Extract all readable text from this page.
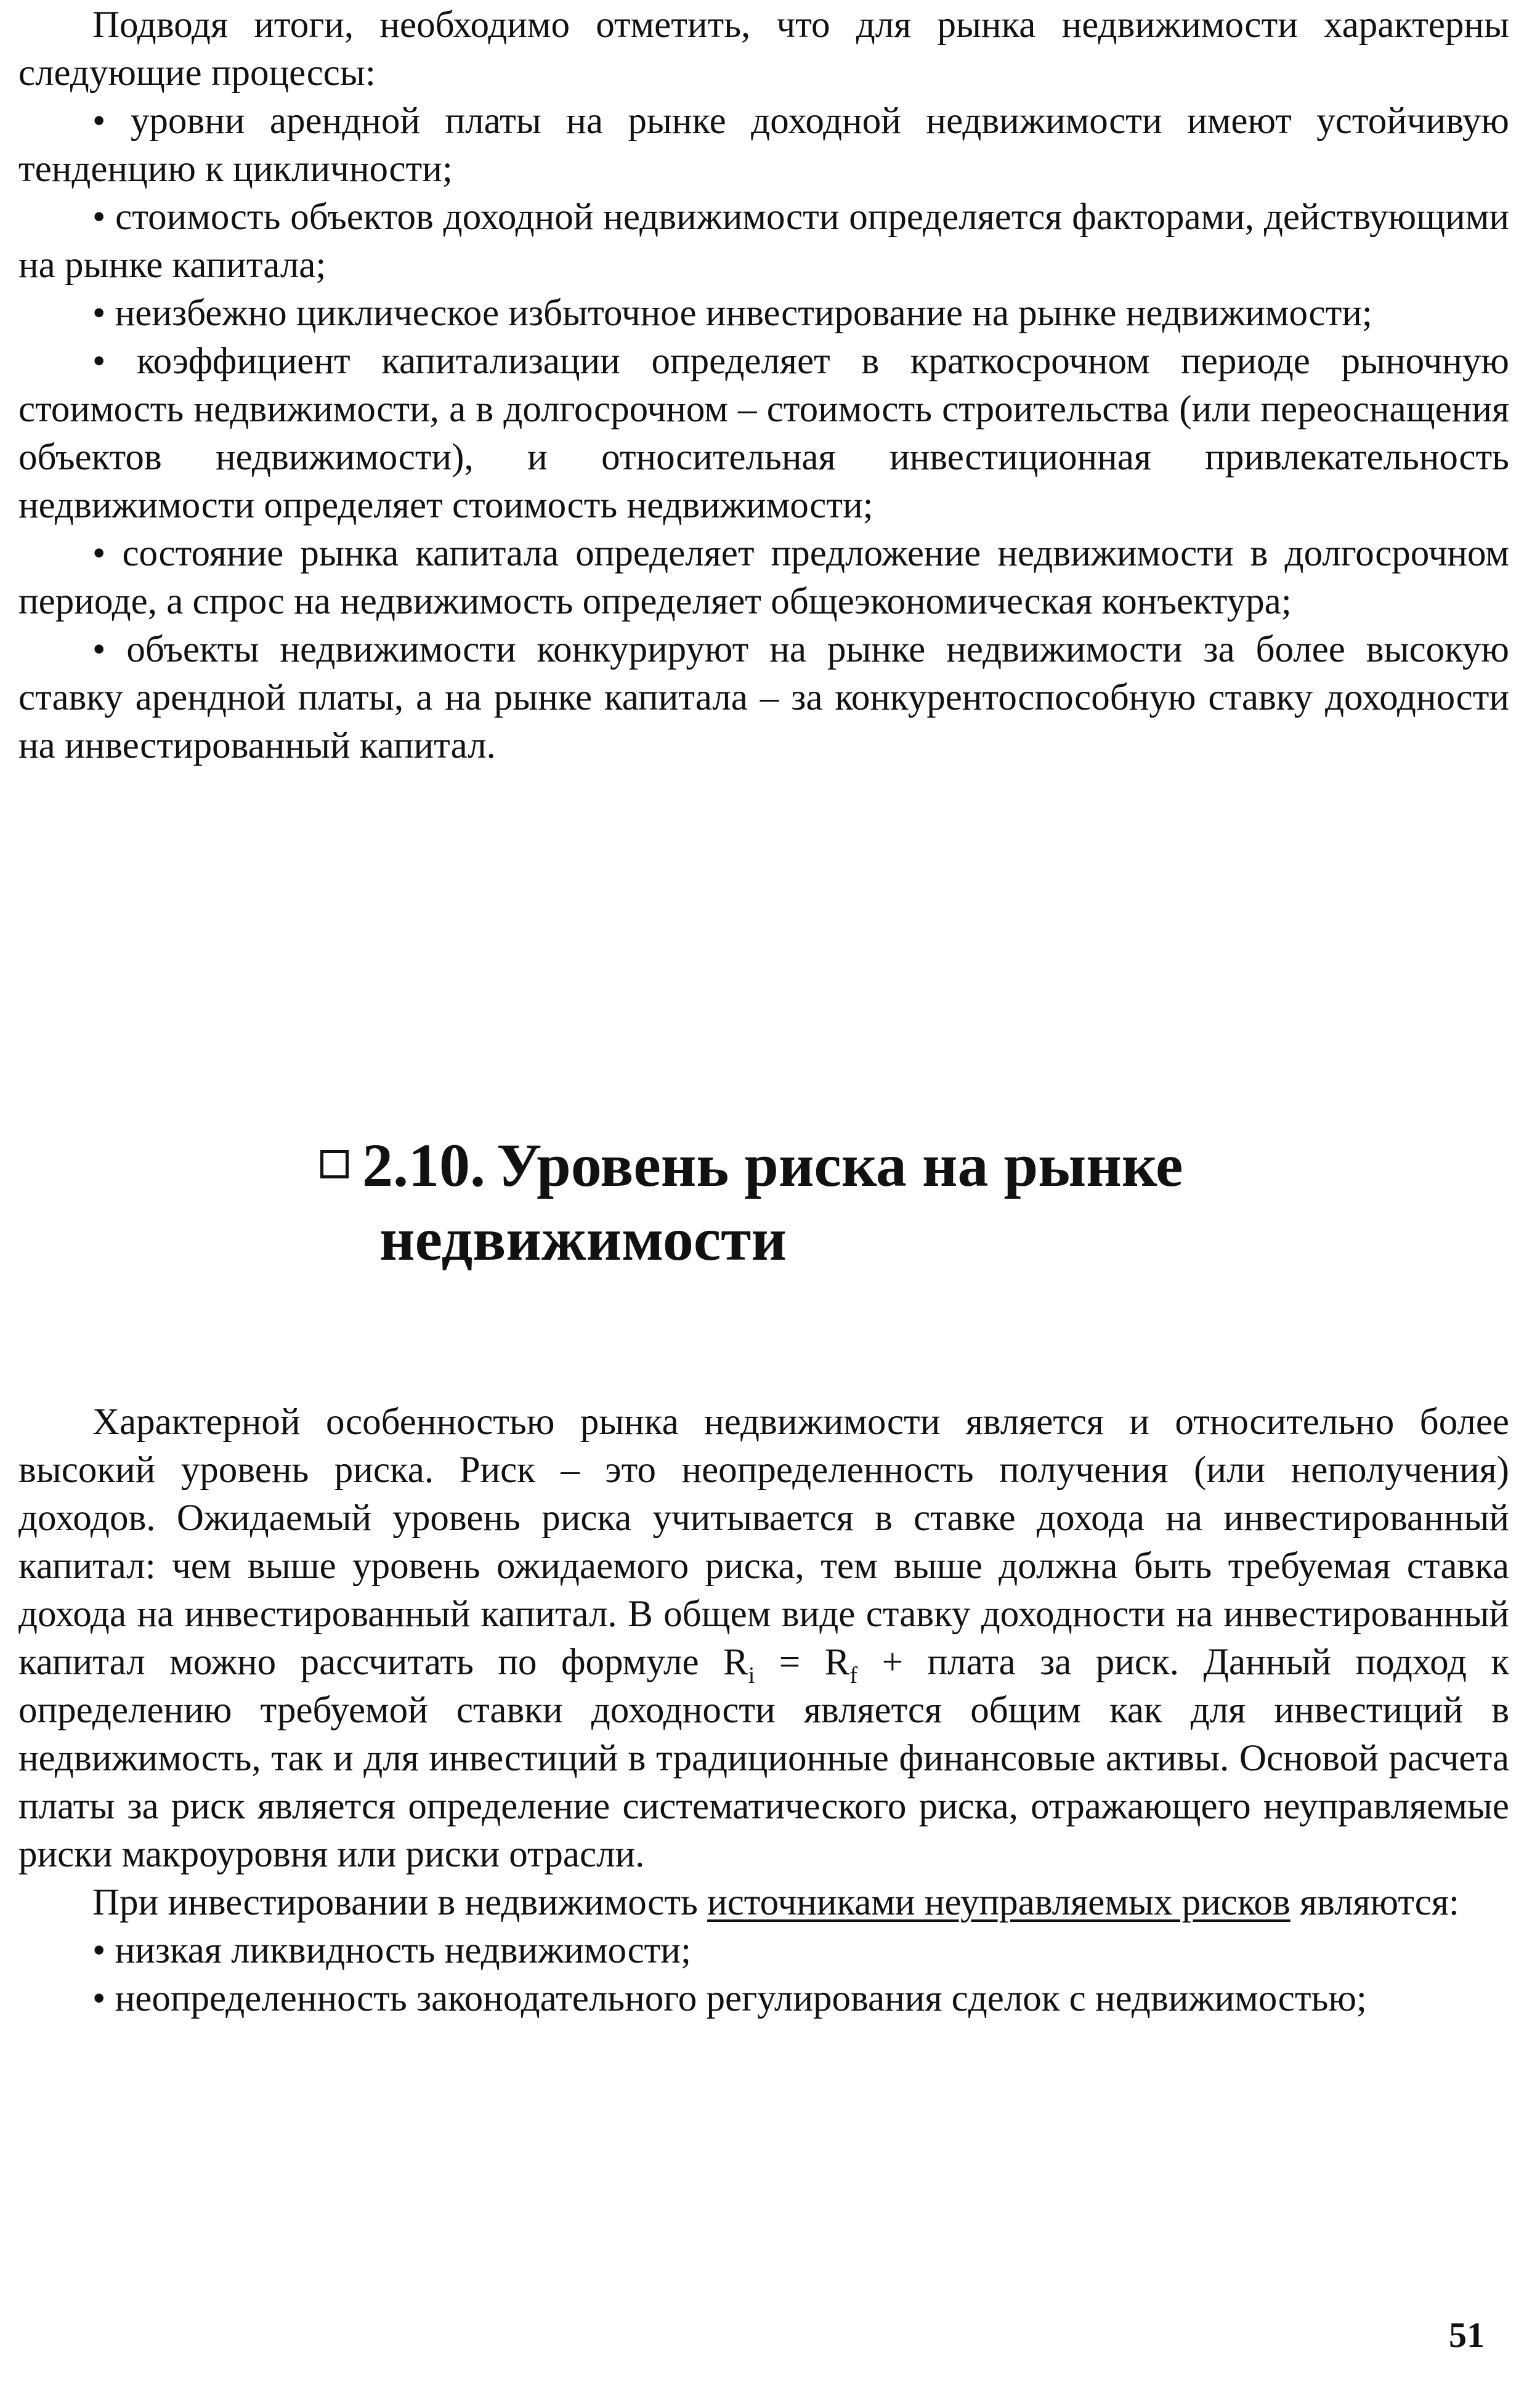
Подводя итоги, необходимо отметить, что для рынка недвижимости характерны следующие процессы:

• уровни арендной платы на рынке доходной недвижимости имеют устойчивую тенденцию к цикличности;

• стоимость объектов доходной недвижимости определяется факторами, действующими на рынке капитала;

• неизбежно циклическое избыточное инвестирование на рынке недвижимости;

• коэффициент капитализации определяет в краткосрочном периоде рыночную стоимость недвижимости, а в долгосрочном – стоимость строительства (или переоснащения объектов недвижимости), и относительная инвестиционная привлекательность недвижимости определяет стоимость недвижимости;

• состояние рынка капитала определяет предложение недвижимости в долгосрочном периоде, а спрос на недвижимость определяет общеэкономическая конъектура;

• объекты недвижимости конкурируют на рынке недвижимости за более высокую ставку арендной платы, а на рынке капитала – за конкурентоспособную ставку доходности на инвестированный капитал.

2.10. Уровень риска на рынке
недвижимости

Характерной особенностью рынка недвижимости является и относительно более высокий уровень риска. Риск – это неопределенность получения (или неполучения) доходов. Ожидаемый уровень риска учитывается в ставке дохода на инвестированный капитал: чем выше уровень ожидаемого риска, тем выше должна быть требуемая ставка дохода на инвестированный капитал. В общем виде ставку доходности на инвестированный капитал можно рассчитать по формуле $R_i = R_f$ + плата за риск. Данный подход к определению требуемой ставки доходности является общим как для инвестиций в недвижимость, так и для инвестиций в традиционные финансовые активы. Основой расчета платы за риск является определение систематического риска, отражающего неуправляемые риски макроуровня или риски отрасли.

При инвестировании в недвижимость источниками неуправляемых рисков являются:

• низкая ликвидность недвижимости;

• неопределенность законодательного регулирования сделок с недвижимостью;

51
